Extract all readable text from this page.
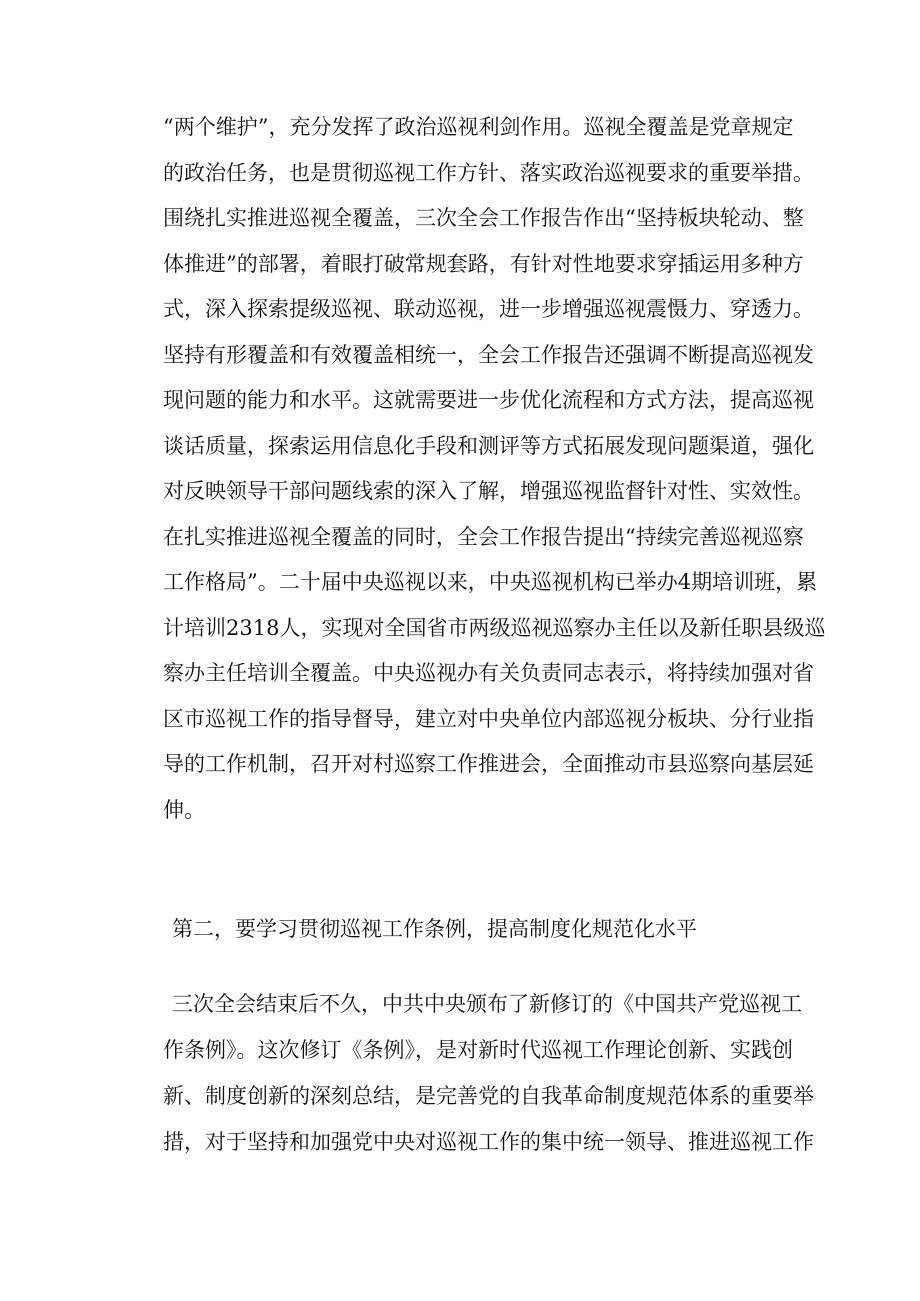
“两个维护”，充分发挥了政治巡视利剑作用。巡视全覆盖是党章规定
的政治任务，也是贯彻巡视工作方针、落实政治巡视要求的重要举措。
围绕扎实推进巡视全覆盖，三次全会工作报告作出“坚持板块轮动、整
体推进”的部署，着眼打破常规套路，有针对性地要求穿插运用多种方
式，深入探索提级巡视、联动巡视，进一步增强巡视震慑力、穿透力。
坚持有形覆盖和有效覆盖相统一，全会工作报告还强调不断提高巡视发
现问题的能力和水平。这就需要进一步优化流程和方式方法，提高巡视
谈话质量，探索运用信息化手段和测评等方式拓展发现问题渠道，强化
对反映领导干部问题线索的深入了解，增强巡视监督针对性、实效性。
在扎实推进巡视全覆盖的同时，全会工作报告提出“持续完善巡视巡察
工作格局”。二十届中央巡视以来，中央巡视机构已举办4期培训班，累
计培训2318人，实现对全国省市两级巡视巡察办主任以及新任职县级巡
察办主任培训全覆盖。中央巡视办有关负责同志表示，将持续加强对省
区市巡视工作的指导督导，建立对中央单位内部巡视分板块、分行业指
导的工作机制，召开对村巡察工作推进会，全面推动市县巡察向基层延
伸。
第二，要学习贯彻巡视工作条例，提高制度化规范化水平
三次全会结束后不久，中共中央颁布了新修订的《中国共产党巡视工
作条例》。这次修订《条例》，是对新时代巡视工作理论创新、实践创
新、制度创新的深刻总结，是完善党的自我革命制度规范体系的重要举
措，对于坚持和加强党中央对巡视工作的集中统一领导、推进巡视工作
